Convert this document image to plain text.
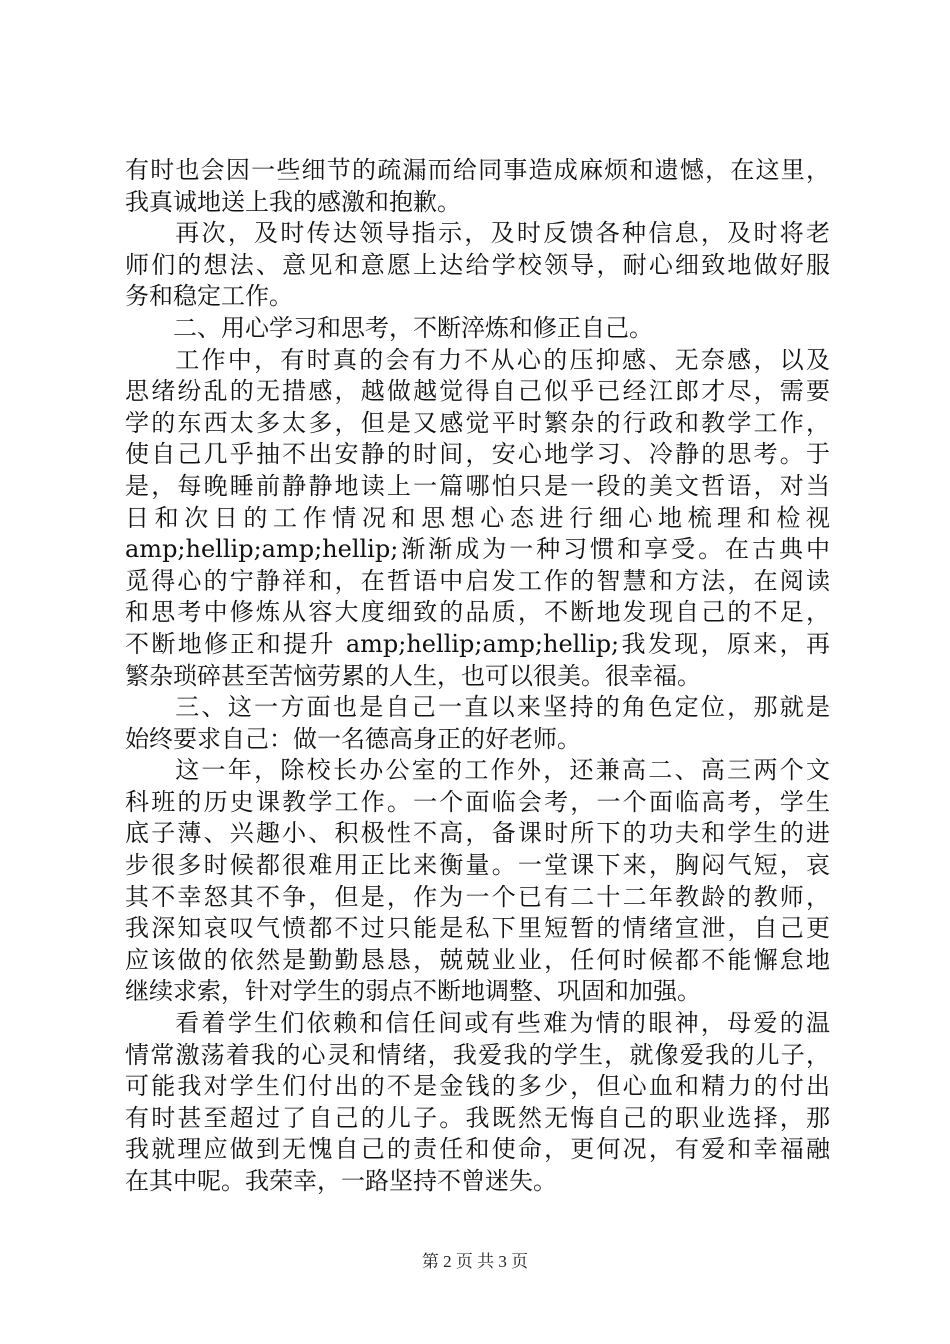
有时也会因一些细节的疏漏而给同事造成麻烦和遗憾，在这里，
我真诚地送上我的感激和抱歉。
再次，及时传达领导指示，及时反馈各种信息，及时将老
师们的想法、意见和意愿上达给学校领导，耐心细致地做好服
务和稳定工作。
二、用心学习和思考，不断淬炼和修正自己。
工作中，有时真的会有力不从心的压抑感、无奈感，以及
思绪纷乱的无措感，越做越觉得自己似乎已经江郎才尽，需要
学的东西太多太多，但是又感觉平时繁杂的行政和教学工作，
使自己几乎抽不出安静的时间，安心地学习、冷静的思考。于
是，每晚睡前静静地读上一篇哪怕只是一段的美文哲语，对当
日和次日的工作情况和思想心态进行细心地梳理和检视
amp;hellip;amp;hellip;渐渐成为一种习惯和享受。在古典中
觅得心的宁静祥和，在哲语中启发工作的智慧和方法，在阅读
和思考中修炼从容大度细致的品质，不断地发现自己的不足，
不断地修正和提升 amp;hellip;amp;hellip;我发现，原来，再
繁杂琐碎甚至苦恼劳累的人生，也可以很美。很幸福。
三、这一方面也是自己一直以来坚持的角色定位，那就是
始终要求自己：做一名德高身正的好老师。
这一年，除校长办公室的工作外，还兼高二、高三两个文
科班的历史课教学工作。一个面临会考，一个面临高考，学生
底子薄、兴趣小、积极性不高，备课时所下的功夫和学生的进
步很多时候都很难用正比来衡量。一堂课下来，胸闷气短，哀
其不幸怒其不争，但是，作为一个已有二十二年教龄的教师，
我深知哀叹气愤都不过只能是私下里短暂的情绪宣泄，自己更
应该做的依然是勤勤恳恳，兢兢业业，任何时候都不能懈怠地
继续求索，针对学生的弱点不断地调整、巩固和加强。
看着学生们依赖和信任间或有些难为情的眼神，母爱的温
情常激荡着我的心灵和情绪，我爱我的学生，就像爱我的儿子，
可能我对学生们付出的不是金钱的多少，但心血和精力的付出
有时甚至超过了自己的儿子。我既然无悔自己的职业选择，那
我就理应做到无愧自己的责任和使命，更何况，有爱和幸福融
在其中呢。我荣幸，一路坚持不曾迷失。
第 2 页 共 3 页
